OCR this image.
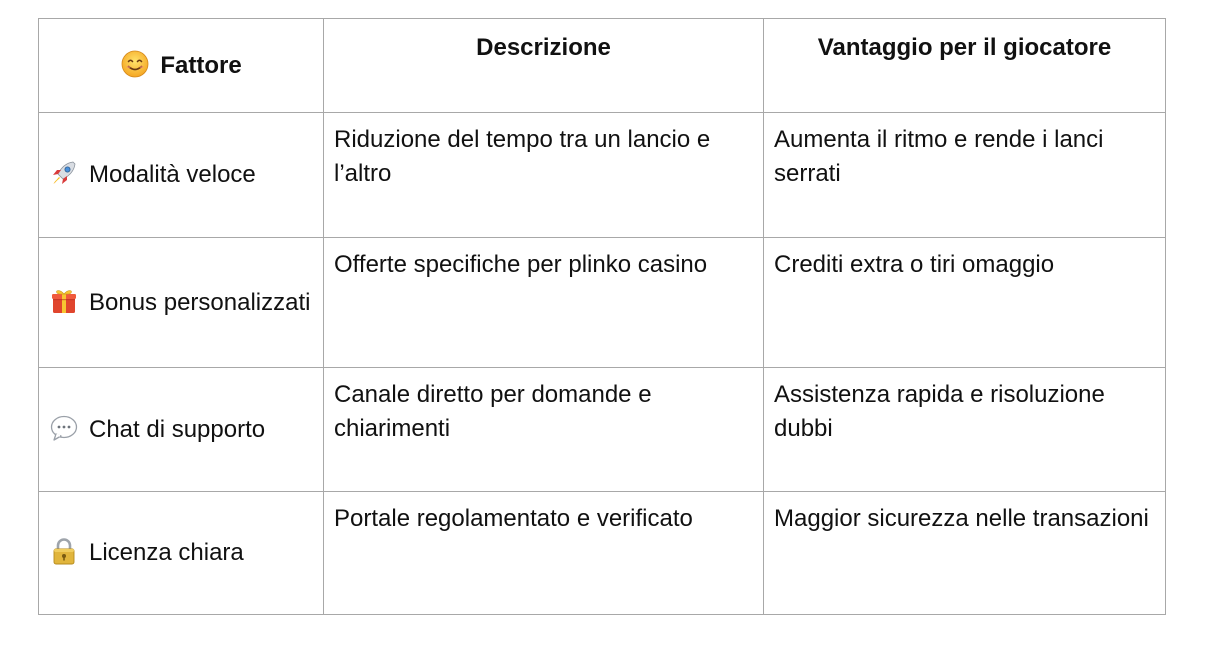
Fattore	Descrizione	Vantaggio per il giocatore

Modalità veloce	Riduzione del tempo tra un lancio e l’altro	Aumenta il ritmo e rende i lanci serrati

Bonus personalizzati	Offerte specifiche per plinko casino	Crediti extra o tiri omaggio

Chat di supporto	Canale diretto per domande e chiarimenti	Assistenza rapida e risoluzione dubbi

Licenza chiara	Portale regolamentato e verificato	Maggior sicurezza nelle transazioni
